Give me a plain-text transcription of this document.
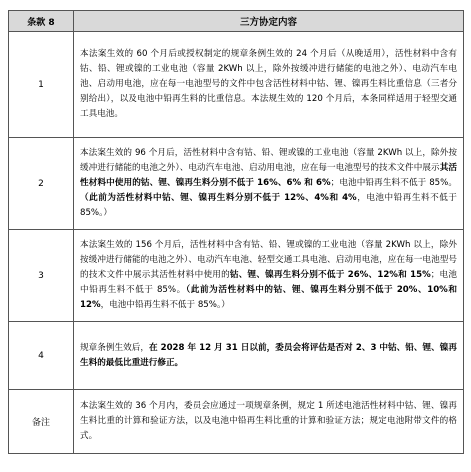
条款 8	三方协定内容
1	本法案生效的 60 个月后或授权制定的规章条例生效的 24 个月后（从晚适用），活性材料中含有钴、铅、锂或镍的工业电池（容量 2KWh 以上，除外按缓冲进行储能的电池之外）、电动汽车电池、启动用电池，应在每一电池型号的文件中包含活性材料中钴、锂、镍再生料比重信息（三者分别给出），以及电池中铅再生料的比重信息。本法规生效的 120 个月后，本条同样适用于轻型交通工具电池。
2	本法案生效的 96 个月后，活性材料中含有钴、铅、锂或镍的工业电池（容量 2KWh 以上，除外按缓冲进行储能的电池之外）、电动汽车电池、启动用电池，应在每一电池型号的技术文件中展示其活性材料中使用的钴、锂、镍再生料分别不低于 16%、6% 和 6%；电池中铅再生料不低于 85%。（此前为活性材料中钴、锂、镍再生料分别不低于 12%、4%和 4%，电池中铅再生料不低于 85%。）
3	本法案生效的 156 个月后，活性材料中含有钴、铅、锂或镍的工业电池（容量 2KWh 以上，除外按缓冲进行储能的电池之外）、电动汽车电池、轻型交通工具电池、启动用电池，应在每一电池型号的技术文件中展示其活性材料中使用的钴、锂、镍再生料分别不低于 26%、12%和 15%；电池中铅再生料不低于 85%。（此前为活性材料中的钴、锂、镍再生料分别不低于 20%、10%和 12%，电池中铅再生料不低于 85%。）
4	规章条例生效后，在 2028 年 12 月 31 日以前，委员会将评估是否对 2、3 中钴、铅、锂、镍再生料的最低比重进行修正。
备注	本法案生效的 36 个月内，委员会应通过一项规章条例，规定 1 所述电池活性材料中钴、锂、镍再生料比重的计算和验证方法，以及电池中铅再生料比重的计算和验证方法；规定电池附带文件的格式。
